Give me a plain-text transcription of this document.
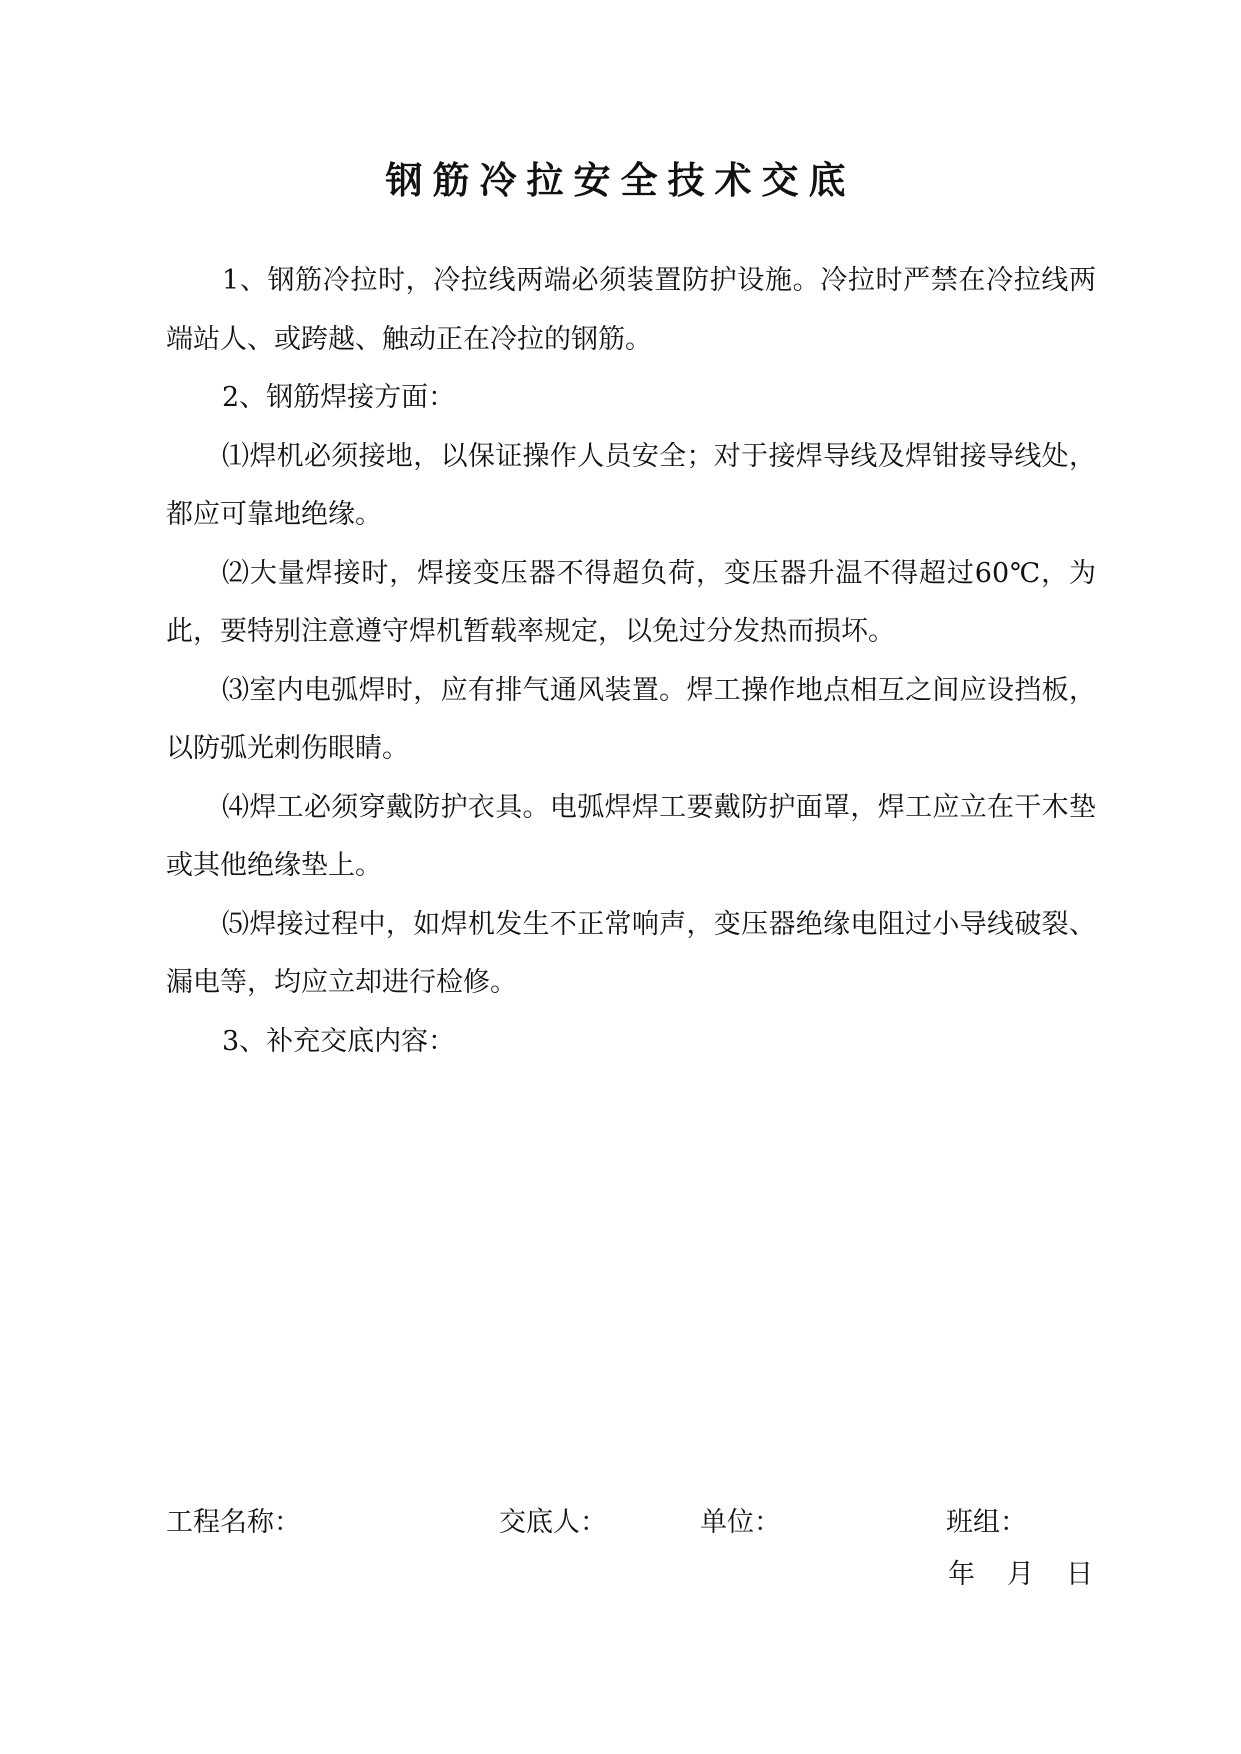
钢筋冷拉安全技术交底

1、钢筋冷拉时，冷拉线两端必须装置防护设施。冷拉时严禁在冷拉线两端站人、或跨越、触动正在冷拉的钢筋。

2、钢筋焊接方面：

⑴焊机必须接地，以保证操作人员安全；对于接焊导线及焊钳接导线处，都应可靠地绝缘。

⑵大量焊接时，焊接变压器不得超负荷，变压器升温不得超过60℃，为此，要特别注意遵守焊机暂载率规定，以免过分发热而损坏。

⑶室内电弧焊时，应有排气通风装置。焊工操作地点相互之间应设挡板，以防弧光刺伤眼睛。

⑷焊工必须穿戴防护衣具。电弧焊焊工要戴防护面罩，焊工应立在干木垫或其他绝缘垫上。

⑸焊接过程中，如焊机发生不正常响声，变压器绝缘电阻过小导线破裂、漏电等，均应立却进行检修。

3、补充交底内容：

工程名称：	交底人：	单位：	班组：
年 月 日
